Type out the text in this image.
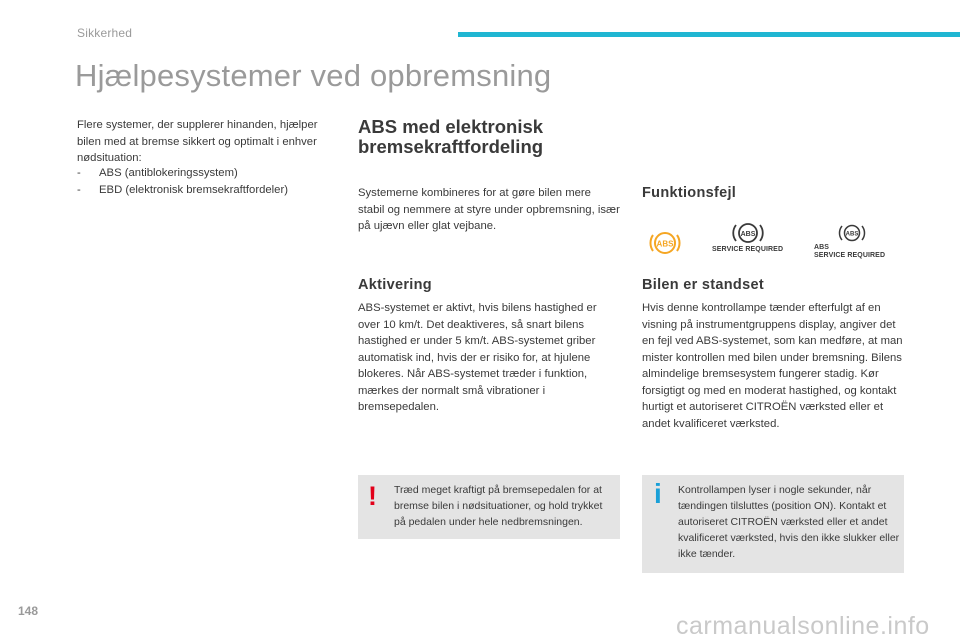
Sikkerhed
Hjælpesystemer ved opbremsning
Flere systemer, der supplerer hinanden, hjælper bilen med at bremse sikkert og optimalt i enhver nødsituation:
- ABS (antiblokeringssystem)
- EBD (elektronisk bremsekraftfordeler)
ABS med elektronisk bremsekraftfordeling
Systemerne kombineres for at gøre bilen mere stabil og nemmere at styre under opbremsning, især på ujævn eller glat vejbane.
Aktivering
ABS-systemet er aktivt, hvis bilens hastighed er over 10 km/t. Det deaktiveres, så snart bilens hastighed er under 5 km/t. ABS-systemet griber automatisk ind, hvis der er risiko for, at hjulene blokeres. Når ABS-systemet træder i funktion, mærkes der normalt små vibrationer i bremsepedalen.
Funktionsfejl
ABS
ABS
SERVICE REQUIRED
ABS
ABS
SERVICE REQUIRED
Bilen er standset
Hvis denne kontrollampe tænder efterfulgt af en visning på instrumentgruppens display, angiver det en fejl ved ABS-systemet, som kan medføre, at man mister kontrollen med bilen under bremsning. Bilens almindelige bremsesystem fungerer stadig. Kør forsigtigt og med en moderat hastighed, og kontakt hurtigt et autoriseret CITROËN værksted eller et andet kvalificeret værksted.
! Træd meget kraftigt på bremsepedalen for at bremse bilen i nødsituationer, og hold trykket på pedalen under hele nedbremsningen.
i Kontrollampen lyser i nogle sekunder, når tændingen tilsluttes (position ON). Kontakt et autoriseret CITROËN værksted eller et andet kvalificeret værksted, hvis den ikke slukker eller ikke tænder.
148
carmanualsonline.info
